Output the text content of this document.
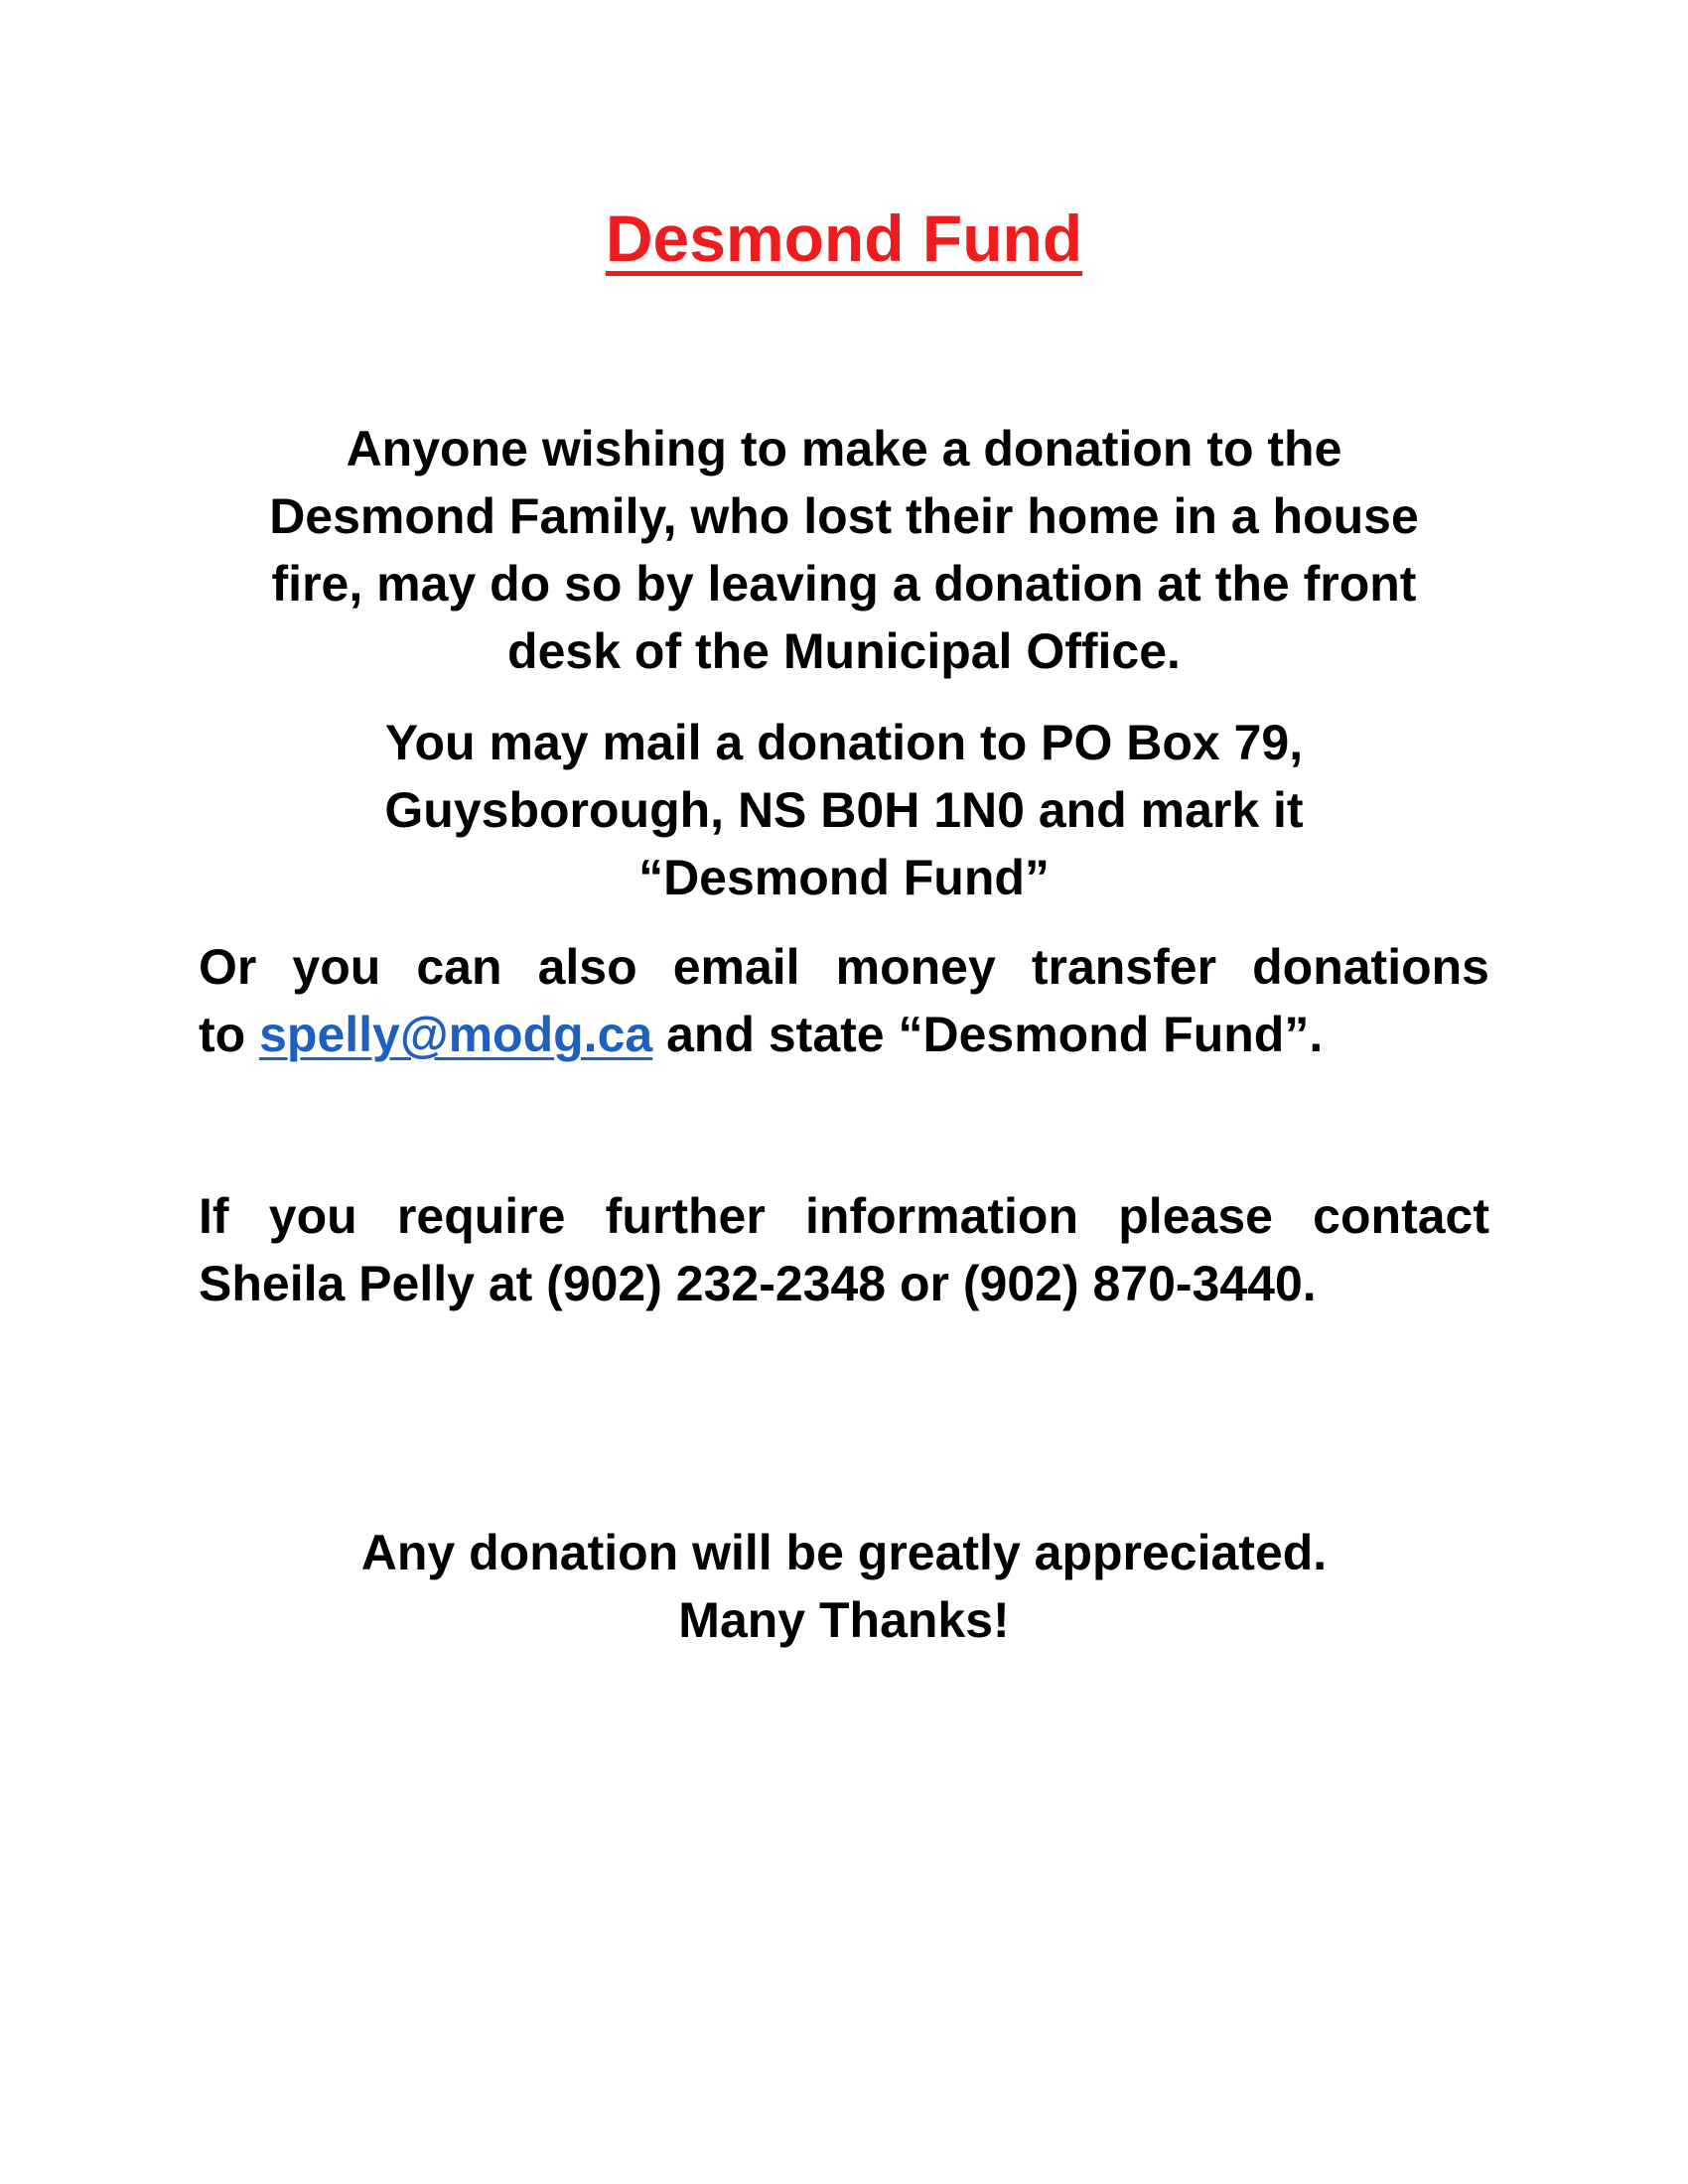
Desmond Fund

Anyone wishing to make a donation to the
Desmond Family, who lost their home in a house
fire, may do so by leaving a donation at the front
desk of the Municipal Office.

You may mail a donation to PO Box 79,
Guysborough, NS B0H 1N0 and mark it
“Desmond Fund”

Or you can also email money transfer donations
to spelly@modg.ca and state “Desmond Fund”.

If you require further information please contact
Sheila Pelly at (902) 232-2348 or (902) 870-3440.

Any donation will be greatly appreciated.
Many Thanks!
